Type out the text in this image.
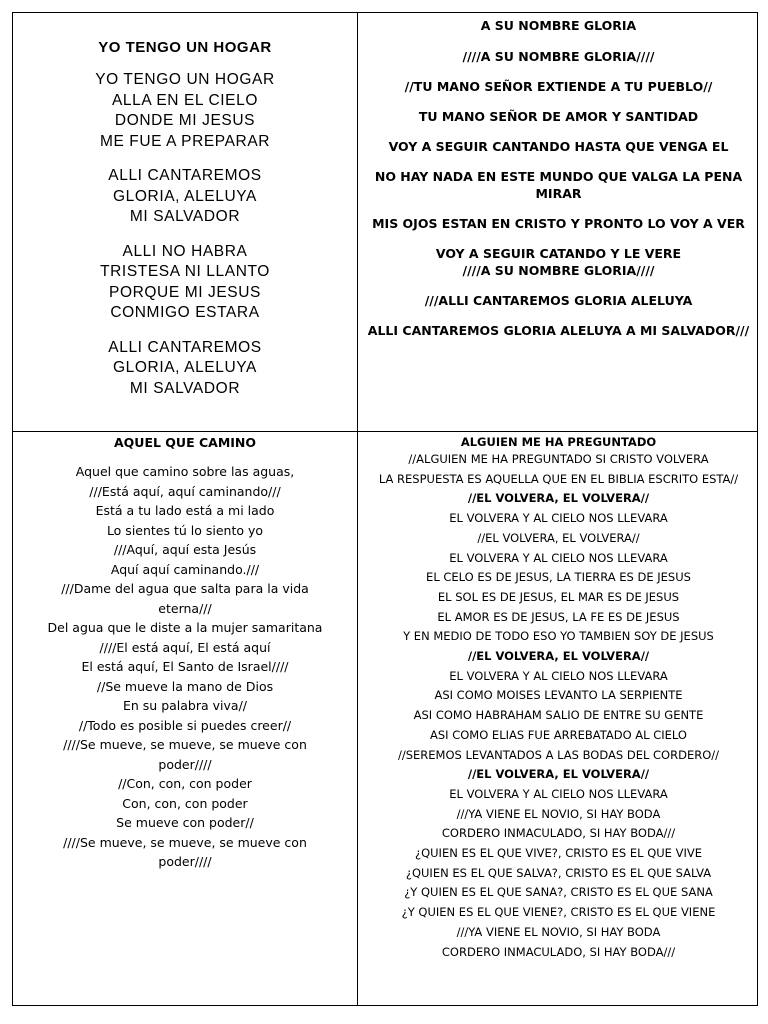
YO TENGO UN HOGAR
YO TENGO UN HOGAR
ALLA EN EL CIELO
DONDE MI JESUS
ME FUE A PREPARAR
ALLI CANTAREMOS
GLORIA, ALELUYA
MI SALVADOR
ALLI NO HABRA
TRISTESA NI LLANTO
PORQUE MI JESUS
CONMIGO ESTARA
ALLI CANTAREMOS
GLORIA, ALELUYA
MI SALVADOR
A SU NOMBRE GLORIA
////A SU NOMBRE GLORIA////
//TU MANO SEÑOR EXTIENDE A TU PUEBLO//
TU MANO SEÑOR DE AMOR Y SANTIDAD
VOY A SEGUIR CANTANDO HASTA QUE VENGA EL
NO HAY NADA EN ESTE MUNDO QUE VALGA LA PENA MIRAR
MIS OJOS ESTAN EN CRISTO Y PRONTO LO VOY A VER
VOY A SEGUIR CATANDO Y LE VERE
////A SU NOMBRE GLORIA////
///ALLI CANTAREMOS GLORIA ALELUYA
ALLI CANTAREMOS GLORIA ALELUYA A MI SALVADOR///
AQUEL QUE CAMINO
Aquel que camino sobre las aguas,
///Está aquí, aquí caminando///
Está a tu lado está a mi lado
Lo sientes tú lo siento yo
///Aquí, aquí esta Jesús
Aquí aquí caminando.///
///Dame del agua que salta para la vida
eterna///
Del agua que le diste a la mujer samaritana
////El está aquí, El está aquí
El está aquí, El Santo de Israel////
//Se mueve la mano de Dios
En su palabra viva//
//Todo es posible si puedes creer//
////Se mueve, se mueve, se mueve con
poder////
//Con, con, con poder
Con, con, con poder
Se mueve con poder//
////Se mueve, se mueve, se mueve con
poder////
ALGUIEN ME HA PREGUNTADO
//ALGUIEN ME HA PREGUNTADO SI CRISTO VOLVERA
LA RESPUESTA ES AQUELLA QUE EN EL BIBLIA ESCRITO ESTA//
//EL VOLVERA, EL VOLVERA//
EL VOLVERA Y AL CIELO NOS LLEVARA
//EL VOLVERA, EL VOLVERA//
EL VOLVERA Y AL CIELO NOS LLEVARA
EL CELO ES DE JESUS, LA TIERRA ES DE JESUS
EL SOL ES DE JESUS, EL MAR ES DE JESUS
EL AMOR ES DE JESUS, LA FE ES DE JESUS
Y EN MEDIO DE TODO ESO YO TAMBIEN SOY DE JESUS
//EL VOLVERA, EL VOLVERA//
EL VOLVERA Y AL CIELO NOS LLEVARA
ASI COMO MOISES LEVANTO LA SERPIENTE
ASI COMO HABRAHAM SALIO DE ENTRE SU GENTE
ASI COMO ELIAS FUE ARREBATADO AL CIELO
//SEREMOS LEVANTADOS A LAS BODAS DEL CORDERO//
//EL VOLVERA, EL VOLVERA//
EL VOLVERA Y AL CIELO NOS LLEVARA
///YA VIENE EL NOVIO, SI HAY BODA
CORDERO INMACULADO, SI HAY BODA///
¿QUIEN ES EL QUE VIVE?, CRISTO ES EL QUE VIVE
¿QUIEN ES EL QUE SALVA?, CRISTO ES EL QUE SALVA
¿Y QUIEN ES EL QUE SANA?, CRISTO ES EL QUE SANA
¿Y QUIEN ES EL QUE VIENE?, CRISTO ES EL QUE VIENE
///YA VIENE EL NOVIO, SI HAY BODA
CORDERO INMACULADO, SI HAY BODA///
